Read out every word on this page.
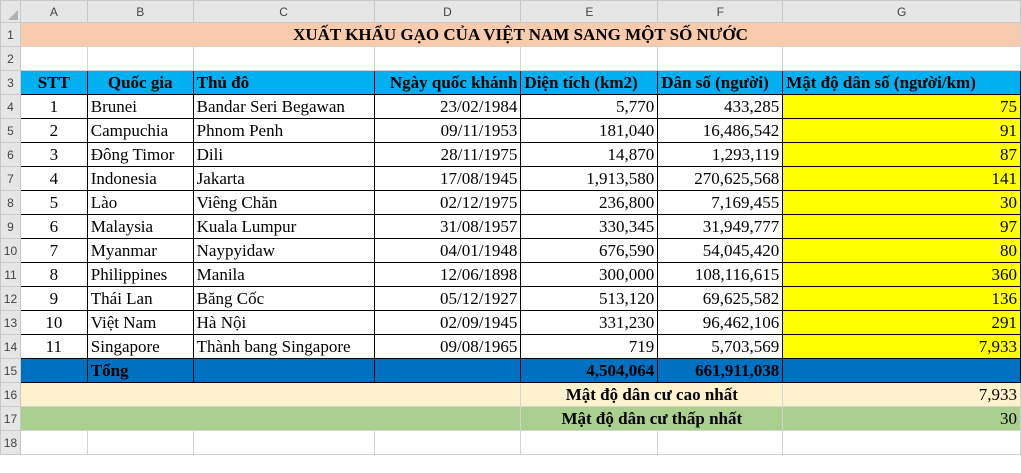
	A	B	C	D	E	F	G
1	XUẤT KHẨU GẠO CỦA VIỆT NAM SANG MỘT SỐ NƯỚC						
2							
3	STT	Quốc gia	Thủ đô	Ngày quốc khánh	Diện tích (km2)	Dân số (người)	Mật độ dân số (người/km)
4	1	Brunei	Bandar Seri Begawan	23/02/1984	5,770	433,285	75
5	2	Campuchia	Phnom Penh	09/11/1953	181,040	16,486,542	91
6	3	Đông Timor	Dili	28/11/1975	14,870	1,293,119	87
7	4	Indonesia	Jakarta	17/08/1945	1,913,580	270,625,568	141
8	5	Lào	Viêng Chăn	02/12/1975	236,800	7,169,455	30
9	6	Malaysia	Kuala Lumpur	31/08/1957	330,345	31,949,777	97
10	7	Myanmar	Naypyidaw	04/01/1948	676,590	54,045,420	80
11	8	Philippines	Manila	12/06/1898	300,000	108,116,615	360
12	9	Thái Lan	Băng Cốc	05/12/1927	513,120	69,625,582	136
13	10	Việt Nam	Hà Nội	02/09/1945	331,230	96,462,106	291
14	11	Singapore	Thành bang Singapore	09/08/1965	719	5,703,569	7,933
15		Tổng			4,504,064	661,911,038	
16					Mật độ dân cư cao nhất		7,933
17					Mật độ dân cư thấp nhất		30
18							
